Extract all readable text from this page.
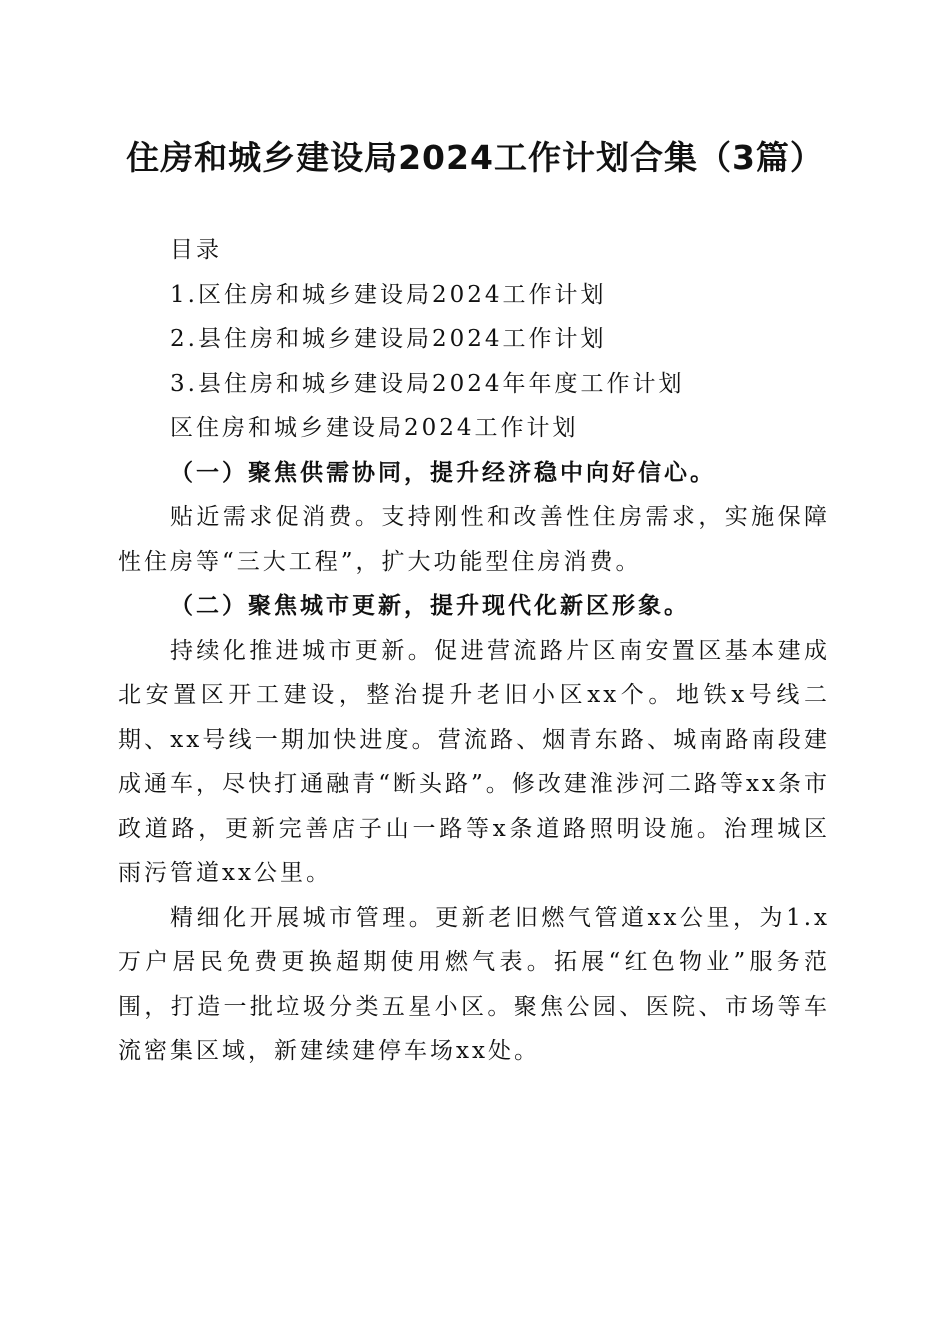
住房和城乡建设局2024工作计划合集（3篇）
目录
1.区住房和城乡建设局2024工作计划
2.县住房和城乡建设局2024工作计划
3.县住房和城乡建设局2024年年度工作计划
区住房和城乡建设局2024工作计划
（一）聚焦供需协同，提升经济稳中向好信心。
贴近需求促消费。支持刚性和改善性住房需求，实施保障性住房等“三大工程”，扩大功能型住房消费。
（二）聚焦城市更新，提升现代化新区形象。
持续化推进城市更新。促进营流路片区南安置区基本建成北安置区开工建设，整治提升老旧小区xx个。地铁x号线二期、xx号线一期加快进度。营流路、烟青东路、城南路南段建成通车，尽快打通融青“断头路”。修改建淮涉河二路等xx条市政道路，更新完善店子山一路等x条道路照明设施。治理城区雨污管道xx公里。
精细化开展城市管理。更新老旧燃气管道xx公里，为1.x万户居民免费更换超期使用燃气表。拓展“红色物业”服务范围，打造一批垃圾分类五星小区。聚焦公园、医院、市场等车流密集区域，新建续建停车场xx处。
